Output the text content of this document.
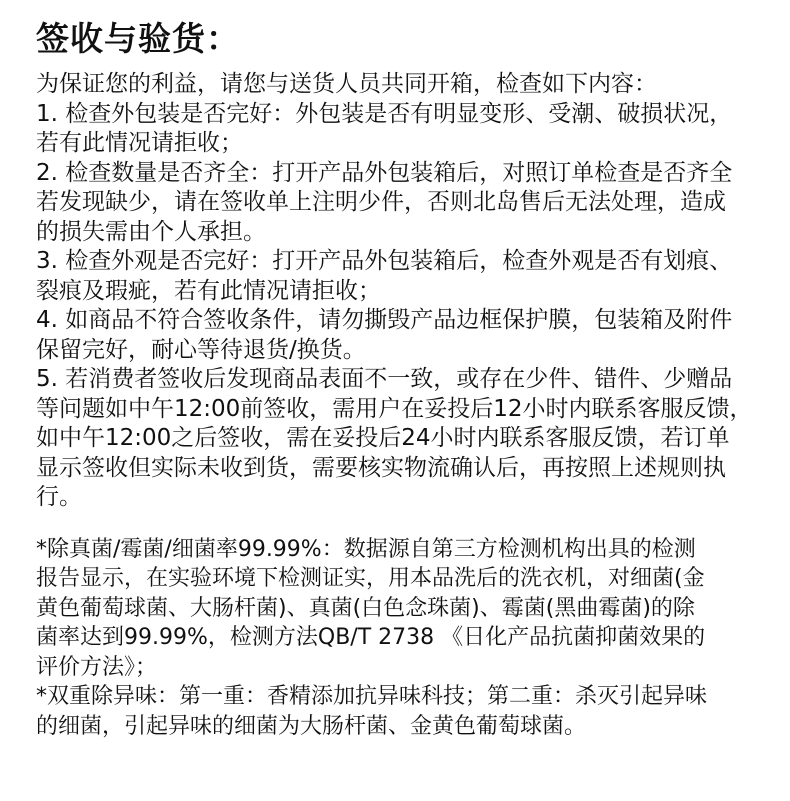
签收与验货：
为保证您的利益，请您与送货人员共同开箱，检查如下内容：
1. 检查外包装是否完好：外包装是否有明显变形、受潮、破损状况，
若有此情况请拒收；
2. 检查数量是否齐全：打开产品外包装箱后，对照订单检查是否齐全
若发现缺少，请在签收单上注明少件，否则北岛售后无法处理，造成
的损失需由个人承担。
3. 检查外观是否完好：打开产品外包装箱后，检查外观是否有划痕、
裂痕及瑕疵，若有此情况请拒收；
4. 如商品不符合签收条件，请勿撕毁产品边框保护膜，包装箱及附件
保留完好，耐心等待退货/换货。
5. 若消费者签收后发现商品表面不一致，或存在少件、错件、少赠品
等问题如中午12:00前签收，需用户在妥投后12小时内联系客服反馈，
如中午12:00之后签收，需在妥投后24小时内联系客服反馈，若订单
显示签收但实际未收到货，需要核实物流确认后，再按照上述规则执
行。
*除真菌/霉菌/细菌率99.99%：数据源自第三方检测机构出具的检测
报告显示，在实验环境下检测证实，用本品洗后的洗衣机，对细菌(金
黄色葡萄球菌、大肠杆菌)、真菌(白色念珠菌)、霉菌(黑曲霉菌)的除
菌率达到99.99%，检测方法QB/T 2738 《日化产品抗菌抑菌效果的
评价方法》；
*双重除异味：第一重：香精添加抗异味科技；第二重：杀灭引起异味
的细菌，引起异味的细菌为大肠杆菌、金黄色葡萄球菌。
